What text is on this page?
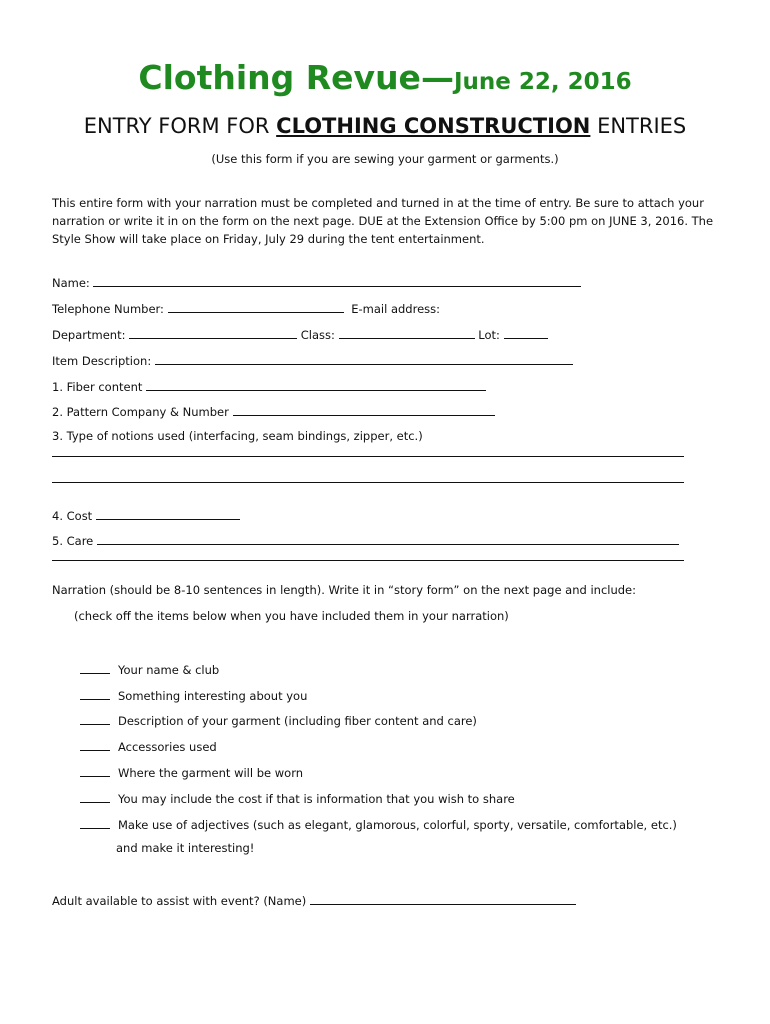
Clothing Revue—June 22, 2016
ENTRY FORM FOR CLOTHING CONSTRUCTION ENTRIES
(Use this form if you are sewing your garment or garments.)
This entire form with your narration must be completed and turned in at the time of entry. Be sure to attach your narration or write it in on the form on the next page. DUE at the Extension Office by 5:00 pm on JUNE 3, 2016. The Style Show will take place on Friday, July 29 during the tent entertainment.
Name:
Telephone Number:	E-mail address:
Department:	Class:	Lot:
Item Description:
1. Fiber content
2. Pattern Company & Number
3. Type of notions used (interfacing, seam bindings, zipper, etc.)
4. Cost
5. Care
Narration (should be 8-10 sentences in length). Write it in “story form” on the next page and include:
(check off the items below when you have included them in your narration)
Your name & club
Something interesting about you
Description of your garment (including fiber content and care)
Accessories used
Where the garment will be worn
You may include the cost if that is information that you wish to share
Make use of adjectives (such as elegant, glamorous, colorful, sporty, versatile, comfortable, etc.)
and make it interesting!
Adult available to assist with event? (Name)
